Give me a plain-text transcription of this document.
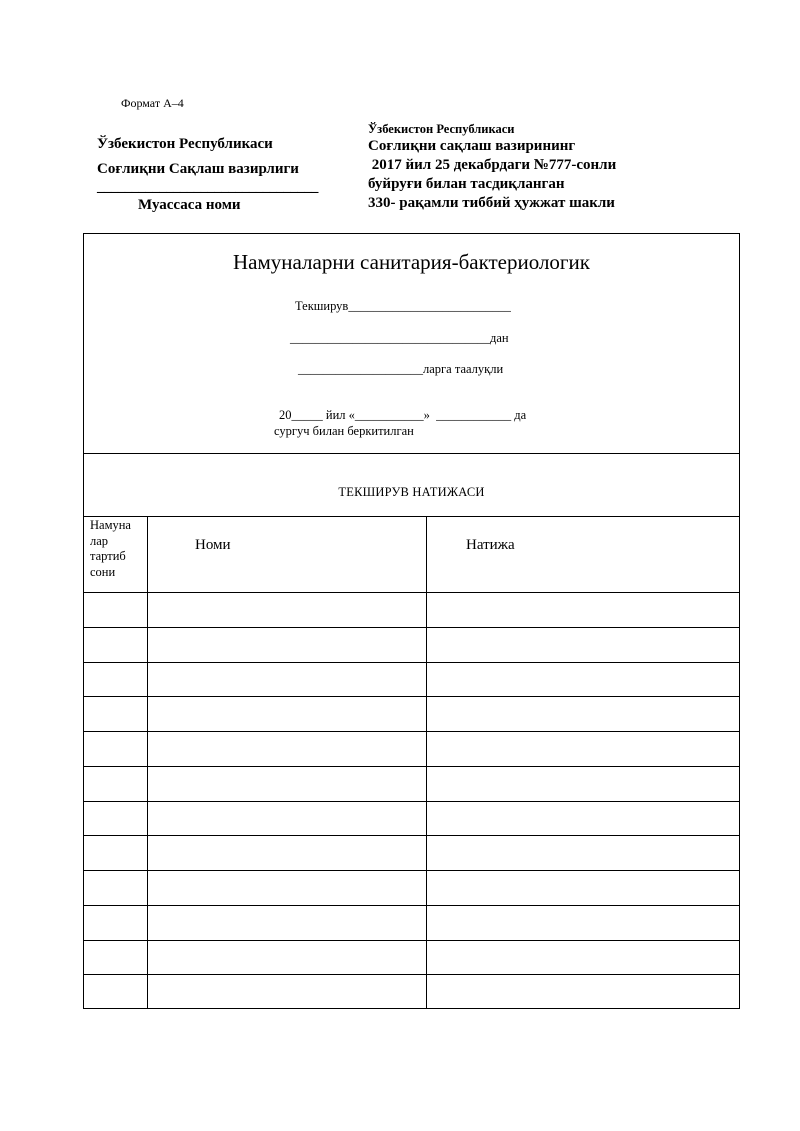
Формат А–4
Ўзбекистон Республикаси
Соғлиқни Сақлаш вазирлиги
________________________________
Муассаса номи
Ўзбекистон Республикаси
Соғлиқни сақлаш вазирининг
2017 йил 25 декабрдаги №777-сонли
буйруғи билан тасдиқланган
330- рақамли тиббий ҳужжат шакли
Намуналарни санитария-бактериологик
Текширув__________________________
________________________________дан
____________________ларга таалуқли
20_____ йил «___________»  ____________ да
сургуч билан беркитилган
ТЕКШИРУВ НАТИЖАСИ
Намуна лар тартиб сони
Номи	Натижа
